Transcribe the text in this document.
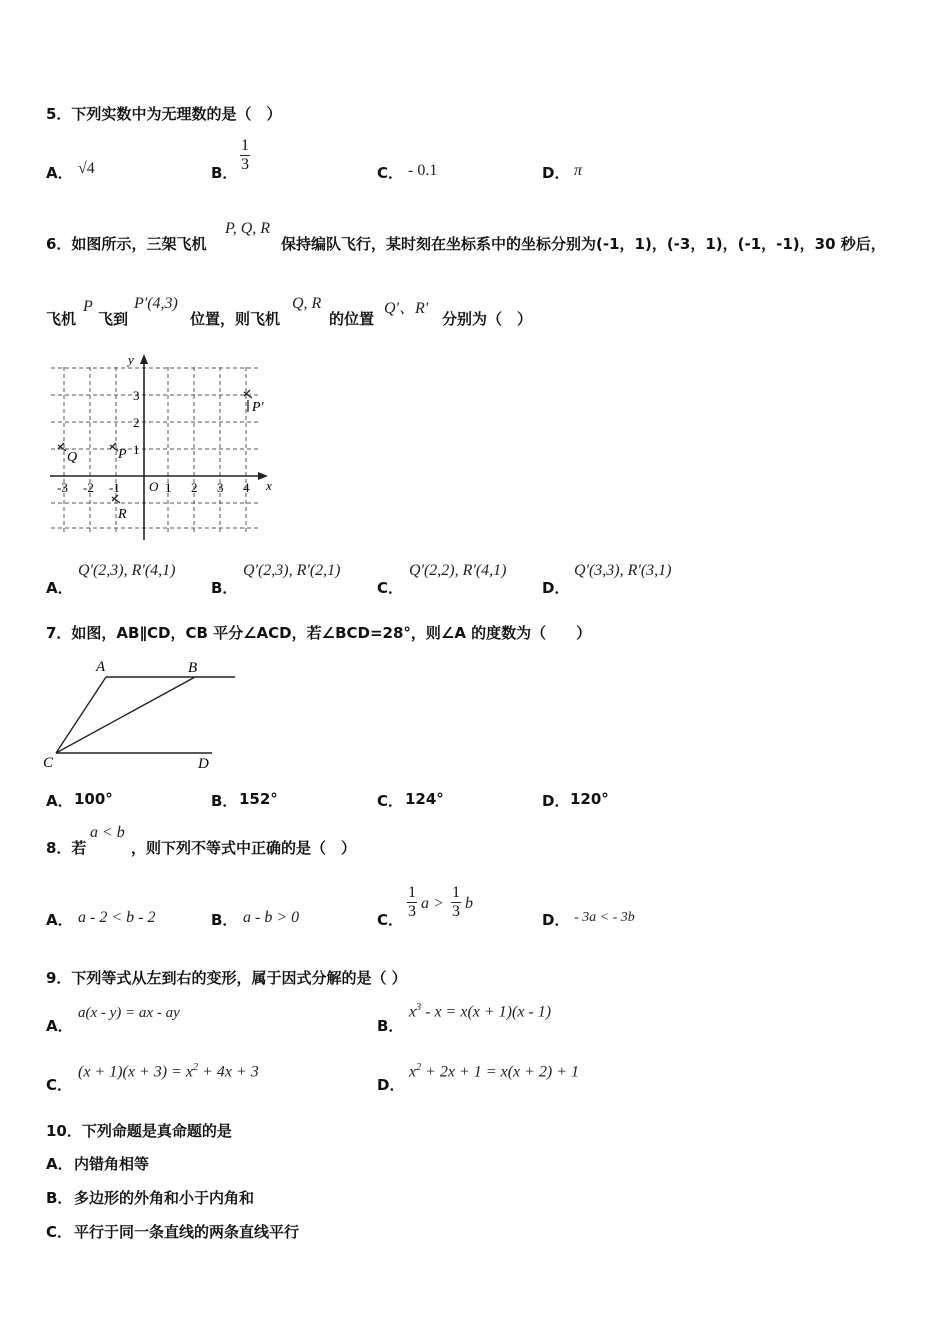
5．下列实数中为无理数的是（　）
A． √4	B． $\frac{1}{3}$	C． - 0.1	D． π
6．如图所示，三架飞机
P, Q, R
保持编队飞行，某时刻在坐标系中的坐标分别为(-1，1)，(-3，1)，(-1，-1)，30 秒后，
飞机
P
飞到
P'(4,3)
位置，则飞机
Q, R
的位置
Q'、R'
分别为（　）
x
y
O
-3 -2 -1	1 2 3 4
3
2
1
Q	P
R
P'
A．
Q'(2,3), R'(4,1)
B．
Q'(2,3), R'(2,1)
C．
Q'(2,2), R'(4,1)
D．
Q'(3,3), R'(3,1)
7．如图，AB∥CD，CB 平分∠ACD，若∠BCD=28°，则∠A 的度数为（　　）
A	B
C	D
A． 100°	B． 152°	C． 124°	D． 120°
8．若
a < b
，则下列不等式中正确的是（　）
A． a - 2 < b - 2	B． a - b > 0	C． $\frac{1}{3}$ $a > \frac{1}{3}$ b
D． - 3a < - 3b
9．下列等式从左到右的变形，属于因式分解的是（ ）
A．
a(x - y) = ax - ay
B．
$x^3 - x = x(x + 1)(x - 1)$
C．
$(x + 1)(x + 3) = x^2 + 4x + 3$
D．
$x^2 + 2x + 1 = x(x + 2) + 1$
10．下列命题是真命题的是
A． 内错角相等
B． 多边形的外角和小于内角和
C． 平行于同一条直线的两条直线平行
